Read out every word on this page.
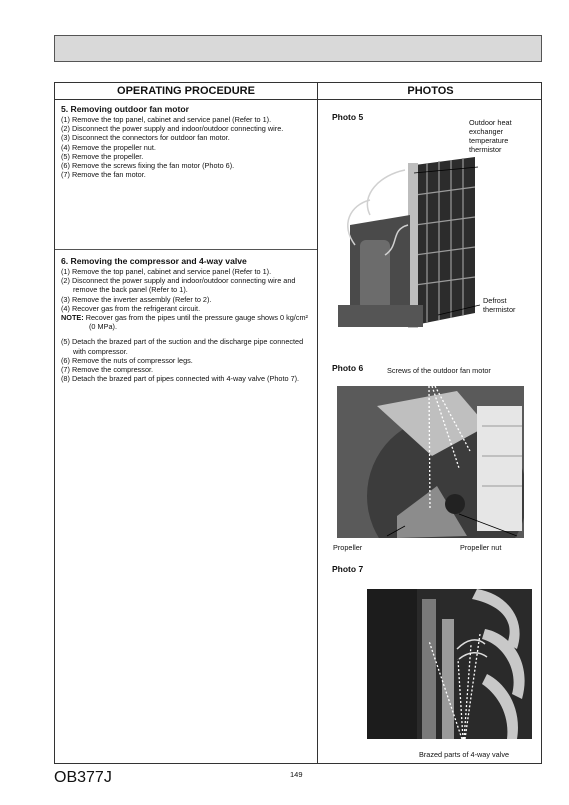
OPERATING PROCEDURE	PHOTOS
5. Removing outdoor fan motor
(1) Remove the top panel, cabinet and service panel (Refer to 1).
(2) Disconnect the power supply and indoor/outdoor connecting wire.
(3) Disconnect the connectors for outdoor fan motor.
(4) Remove the propeller nut.
(5) Remove the propeller.
(6) Remove the screws fixing the fan motor (Photo 6).
(7) Remove the fan motor.
6. Removing the compressor and 4-way valve
(1) Remove the top panel, cabinet and service panel (Refer to 1).
(2) Disconnect the power supply and indoor/outdoor connecting wire and remove the back panel (Refer to 1).
(3) Remove the inverter assembly (Refer to 2).
(4) Recover gas from the refrigerant circuit.
NOTE: Recover gas from the pipes until the pressure gauge shows 0 kg/cm² (0 MPa).
(5) Detach the brazed part of the suction and the discharge pipe connected with compressor.
(6) Remove the nuts of compressor legs.
(7) Remove the compressor.
(8) Detach the brazed part of pipes connected with 4-way valve (Photo 7).
Photo 5
Outdoor heat exchanger temperature thermistor
Defrost thermistor
Photo 6	Screws of the outdoor fan motor
Propeller	Propeller nut
Photo 7
Brazed parts of 4-way valve
OB377J	149
